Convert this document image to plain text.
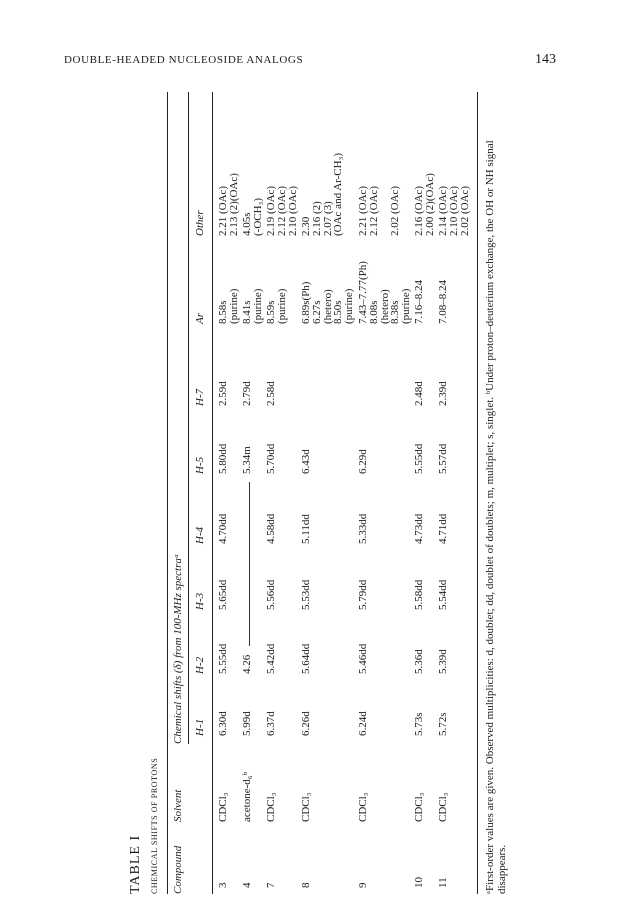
DOUBLE-HEADED NUCLEOSIDE ANALOGS	143
TABLE I CHEMICAL SHIFTS OF PROTONS Compound
Solvent
Chemical shifts (δ) from 100-MHz spectraᵃ H-1
H-2
H-3
H-4
H-5
H-7
Ar
Other
3
CDCl₃
6.30d
5.55dd
5.65dd
4.70dd
5.80dd
2.59d
8.58s
(purine)
2.21 (OAc)
2.13 (2)(OAc)
4
acetone-d₆ᵇ
5.99d
4.26
5.34m
2.79d
8.41s
(purine)
4.05s
(-OCH₃)
7
CDCl₃
6.37d
5.42dd
5.56dd
4.58dd
5.70dd
2.58d
8.59s
(purine)
2.19 (OAc)
2.12 (OAc)
2.10 (OAc)
8
CDCl₃
6.26d
5.64dd
5.53dd
5.11dd
6.43d
6.89s(Ph)
6.27s
(hetero)
8.50s
(purine)
2.30
2.16 (2)
2.07 (3)
(OAc and Ar-CH₃)
9
CDCl₃
6.24d
5.46dd
5.79dd
5.33dd
6.29d
7.43–7.77(Ph)
8.08s
(hetero)
8.38s
(purine)
2.21 (OAc)
2.12 (OAc)

2.02 (OAc)
10
CDCl₃
5.73s
5.36d
5.58dd
4.73dd
5.55dd
2.48d
7.16–8.24
2.16 (OAc)
2.00 (2)(OAc)
11
CDCl₃
5.72s
5.39d
5.54dd
4.71dd
5.57dd
2.39d
7.08–8.24
2.14 (OAc)
2.10 (OAc)
2.02 (OAc) ᵃFirst-order values are given. Observed multiplicities: d, doublet; dd, doublet of doublets; m, multiplet; s, singlet. ᵇUnder proton–deuterium exchange, the OH or NH signal disappears.
